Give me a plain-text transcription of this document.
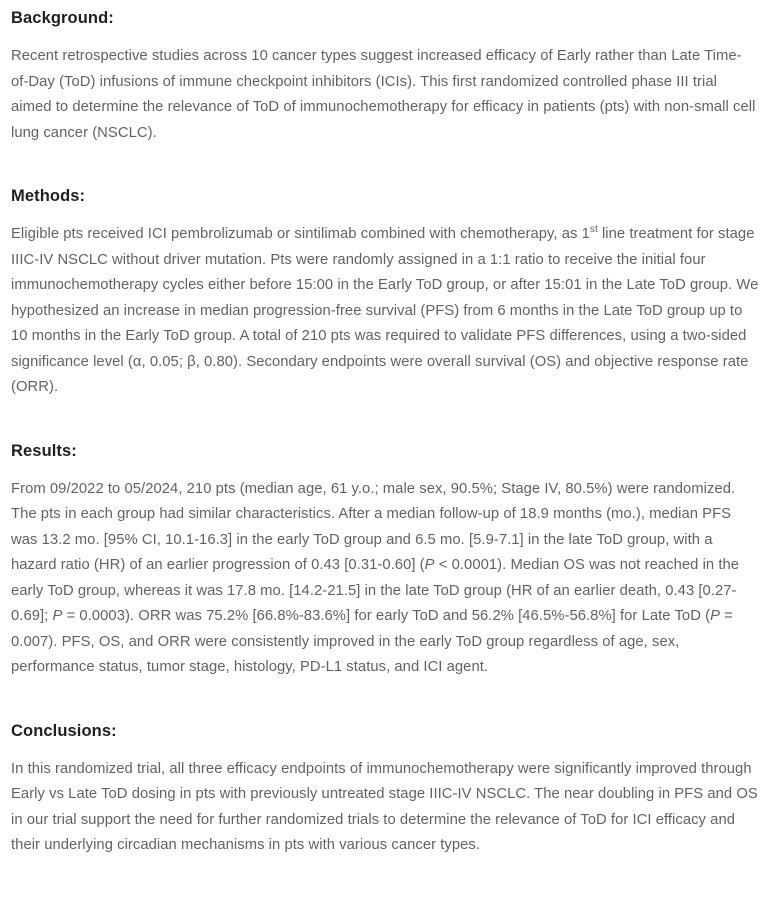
Background:

Recent retrospective studies across 10 cancer types suggest increased efficacy of Early rather than Late Time-of-Day (ToD) infusions of immune checkpoint inhibitors (ICIs). This first randomized controlled phase III trial aimed to determine the relevance of ToD of immunochemotherapy for efficacy in patients (pts) with non-small cell lung cancer (NSCLC).

Methods:

Eligible pts received ICI pembrolizumab or sintilimab combined with chemotherapy, as 1st line treatment for stage IIIC-IV NSCLC without driver mutation. Pts were randomly assigned in a 1:1 ratio to receive the initial four immunochemotherapy cycles either before 15:00 in the Early ToD group, or after 15:01 in the Late ToD group. We hypothesized an increase in median progression-free survival (PFS) from 6 months in the Late ToD group up to 10 months in the Early ToD group. A total of 210 pts was required to validate PFS differences, using a two-sided significance level (α, 0.05; β, 0.80). Secondary endpoints were overall survival (OS) and objective response rate (ORR).

Results:

From 09/2022 to 05/2024, 210 pts (median age, 61 y.o.; male sex, 90.5%; Stage IV, 80.5%) were randomized. The pts in each group had similar characteristics. After a median follow-up of 18.9 months (mo.), median PFS was 13.2 mo. [95% CI, 10.1-16.3] in the early ToD group and 6.5 mo. [5.9-7.1] in the late ToD group, with a hazard ratio (HR) of an earlier progression of 0.43 [0.31-0.60] (P < 0.0001). Median OS was not reached in the early ToD group, whereas it was 17.8 mo. [14.2-21.5] in the late ToD group (HR of an earlier death, 0.43 [0.27-0.69]; P = 0.0003). ORR was 75.2% [66.8%-83.6%] for early ToD and 56.2% [46.5%-56.8%] for Late ToD (P = 0.007). PFS, OS, and ORR were consistently improved in the early ToD group regardless of age, sex, performance status, tumor stage, histology, PD-L1 status, and ICI agent.

Conclusions:

In this randomized trial, all three efficacy endpoints of immunochemotherapy were significantly improved through Early vs Late ToD dosing in pts with previously untreated stage IIIC-IV NSCLC. The near doubling in PFS and OS in our trial support the need for further randomized trials to determine the relevance of ToD for ICI efficacy and their underlying circadian mechanisms in pts with various cancer types.
